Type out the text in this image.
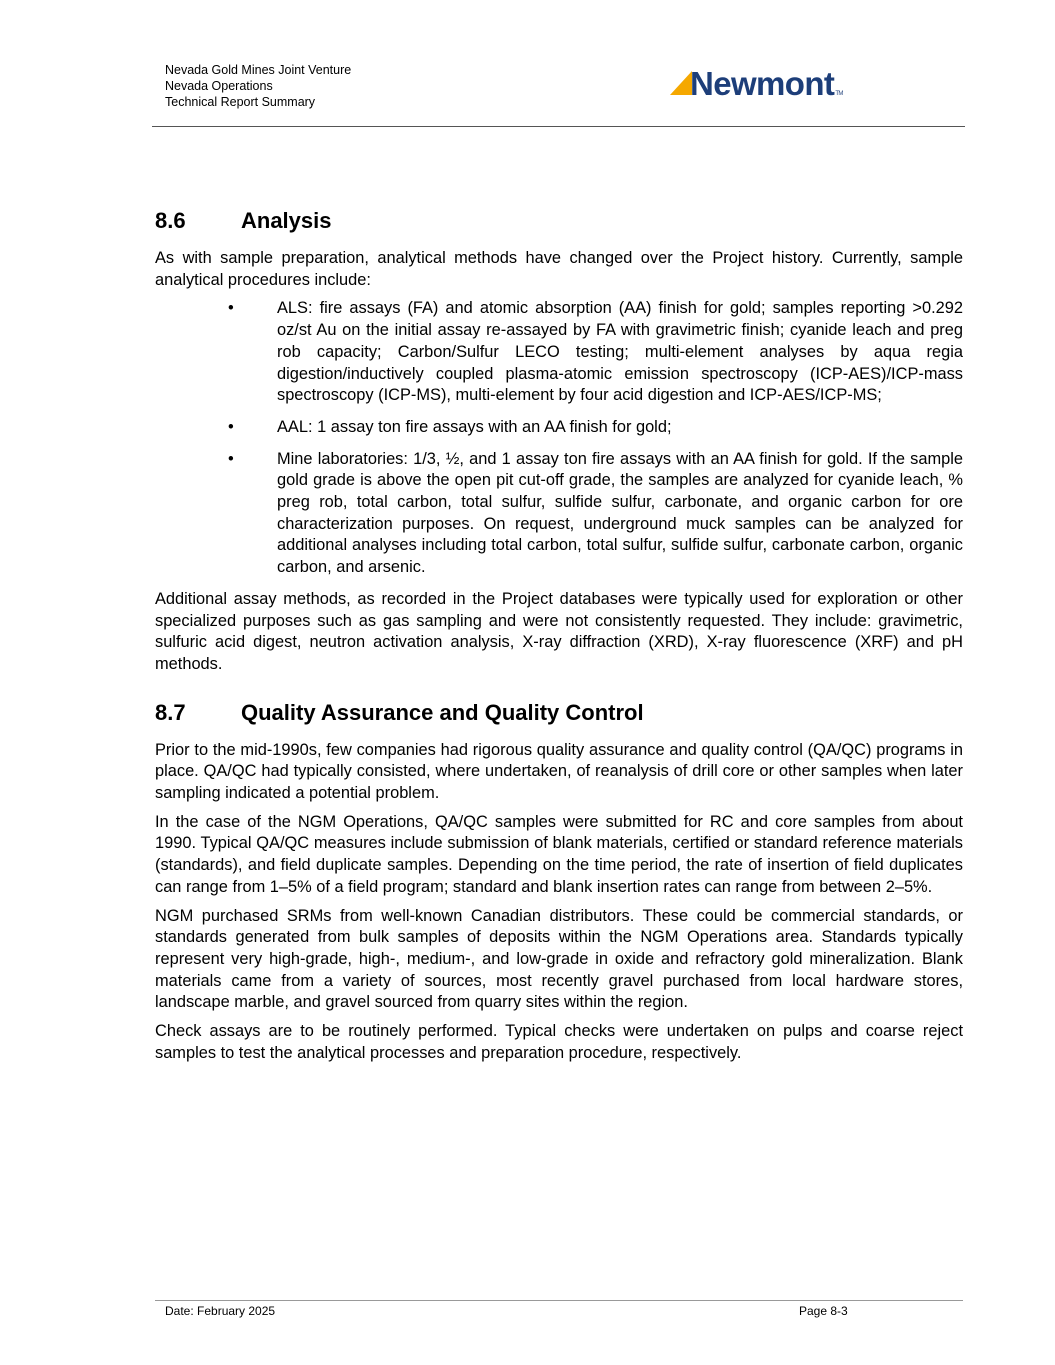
Nevada Gold Mines Joint Venture
Nevada Operations
Technical Report Summary	NewmontTM
8.6	Analysis

As with sample preparation, analytical methods have changed over the Project history. Currently, sample analytical procedures include:

•	ALS: fire assays (FA) and atomic absorption (AA) finish for gold; samples reporting >0.292 oz/st Au on the initial assay re-assayed by FA with gravimetric finish; cyanide leach and preg rob capacity; Carbon/Sulfur LECO testing; multi-element analyses by aqua regia digestion/inductively coupled plasma-atomic emission spectroscopy (ICP-AES)/ICP-mass spectroscopy (ICP-MS), multi-element by four acid digestion and ICP-AES/ICP-MS;
•	AAL: 1 assay ton fire assays with an AA finish for gold;
•	Mine laboratories: 1/3, ½, and 1 assay ton fire assays with an AA finish for gold. If the sample gold grade is above the open pit cut-off grade, the samples are analyzed for cyanide leach, % preg rob, total carbon, total sulfur, sulfide sulfur, carbonate, and organic carbon for ore characterization purposes. On request, underground muck samples can be analyzed for additional analyses including total carbon, total sulfur, sulfide sulfur, carbonate carbon, organic carbon, and arsenic.

Additional assay methods, as recorded in the Project databases were typically used for exploration or other specialized purposes such as gas sampling and were not consistently requested. They include: gravimetric, sulfuric acid digest, neutron activation analysis, X-ray diffraction (XRD), X-ray fluorescence (XRF) and pH methods.

8.7	Quality Assurance and Quality Control

Prior to the mid-1990s, few companies had rigorous quality assurance and quality control (QA/QC) programs in place. QA/QC had typically consisted, where undertaken, of reanalysis of drill core or other samples when later sampling indicated a potential problem.

In the case of the NGM Operations, QA/QC samples were submitted for RC and core samples from about 1990. Typical QA/QC measures include submission of blank materials, certified or standard reference materials (standards), and field duplicate samples. Depending on the time period, the rate of insertion of field duplicates can range from 1–5% of a field program; standard and blank insertion rates can range from between 2–5%.

NGM purchased SRMs from well-known Canadian distributors. These could be commercial standards, or standards generated from bulk samples of deposits within the NGM Operations area. Standards typically represent very high-grade, high-, medium-, and low-grade in oxide and refractory gold mineralization. Blank materials came from a variety of sources, most recently gravel purchased from local hardware stores, landscape marble, and gravel sourced from quarry sites within the region.

Check assays are to be routinely performed. Typical checks were undertaken on pulps and coarse reject samples to test the analytical processes and preparation procedure, respectively.

Date: February 2025	Page 8-3
